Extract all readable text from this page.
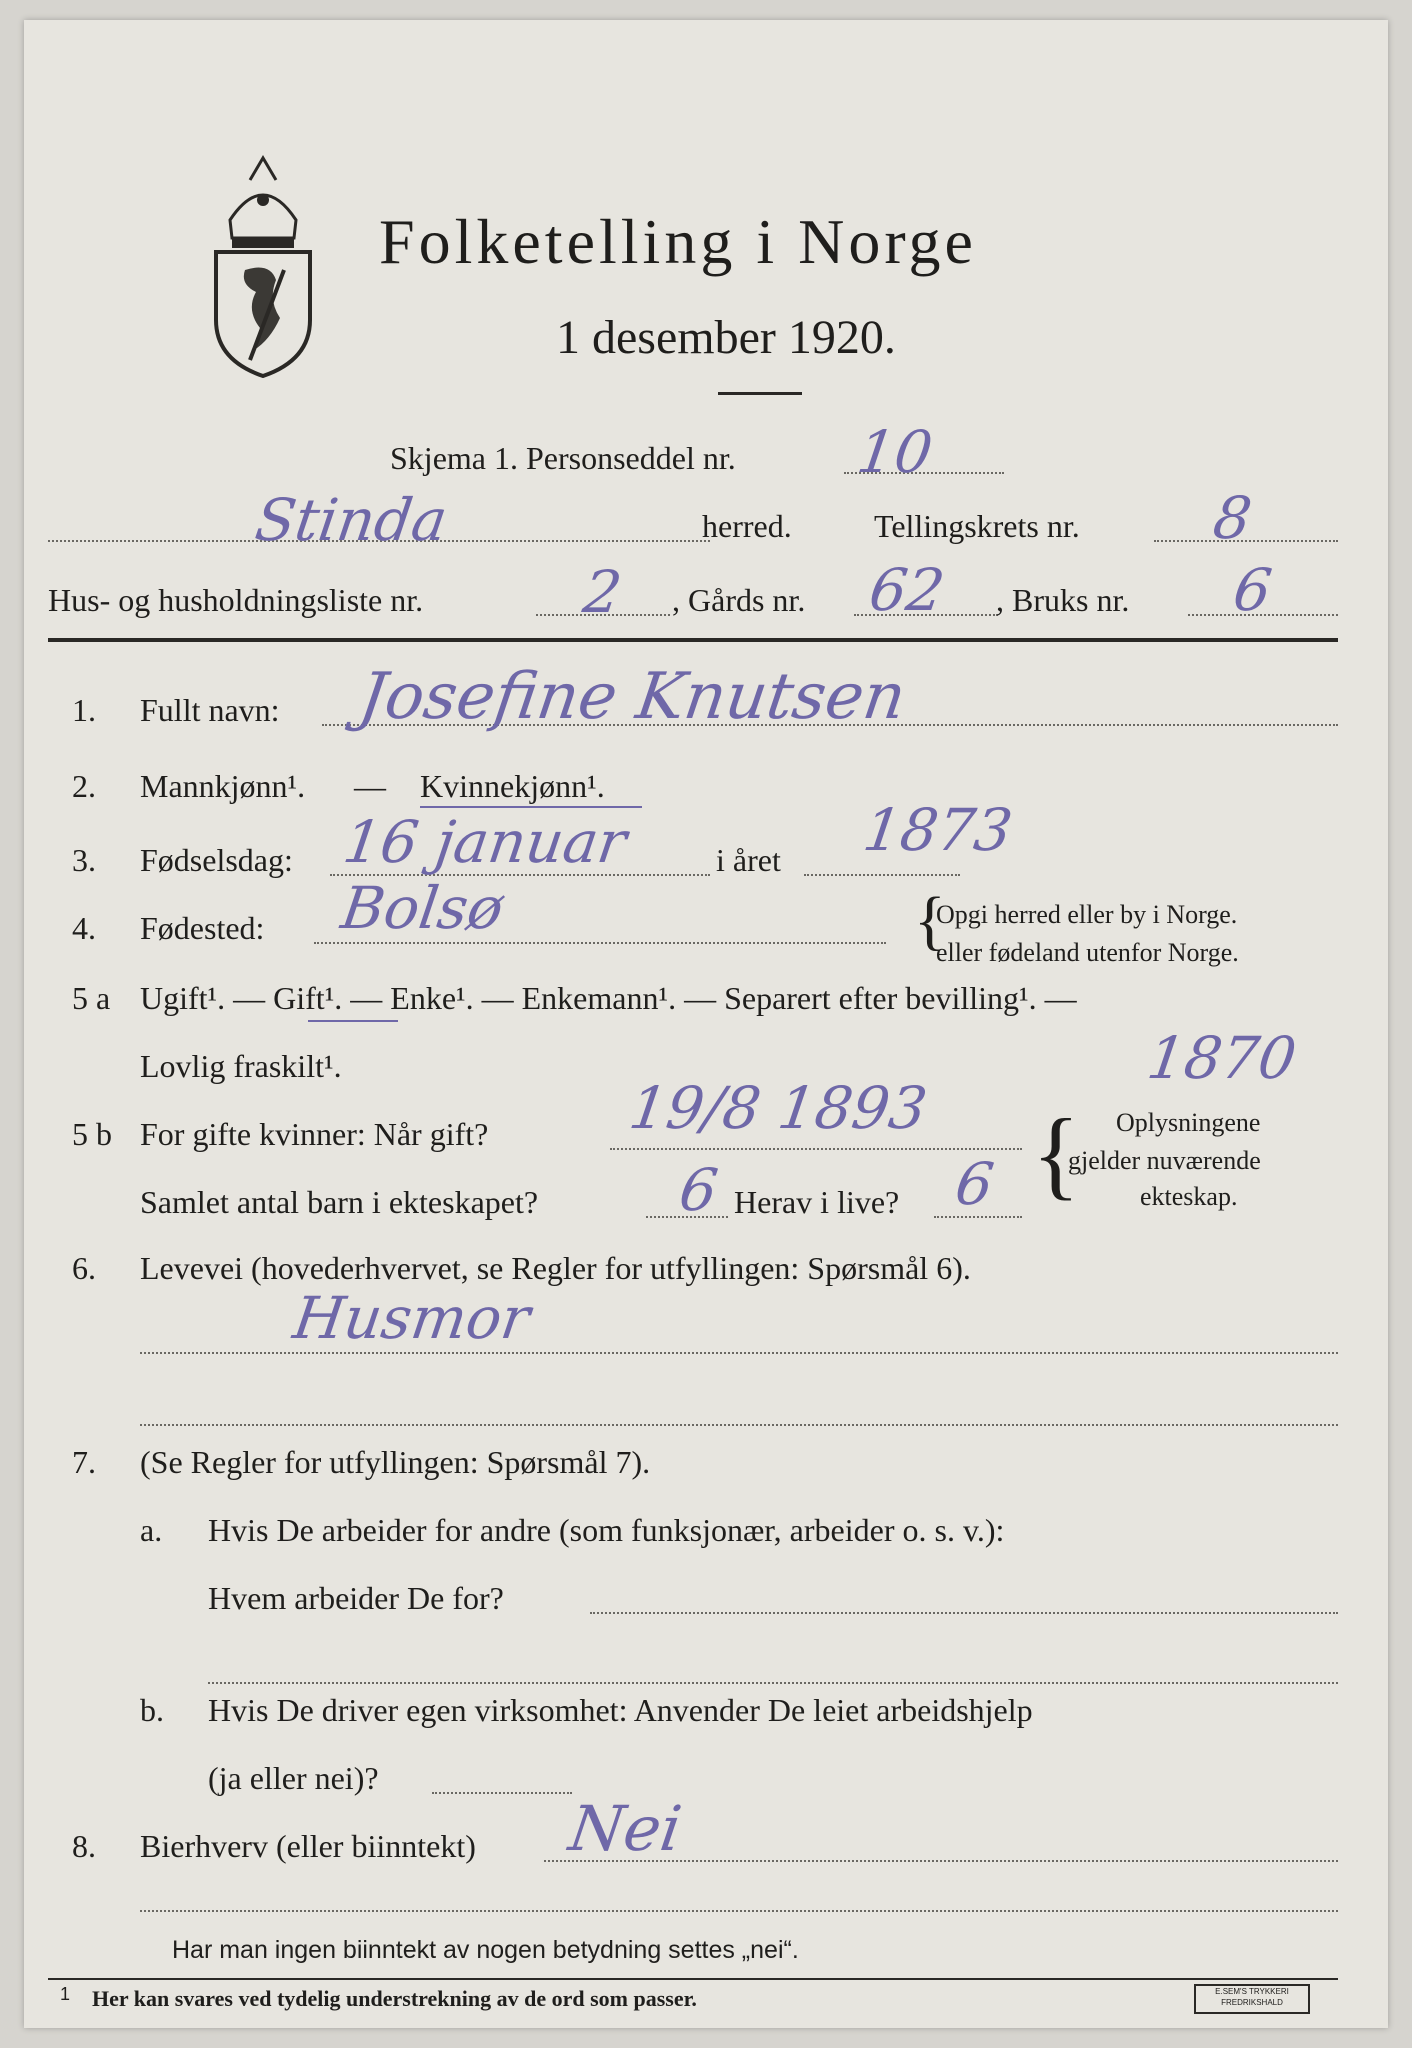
Folketelling i Norge
1 desember 1920.
Skjema 1. Personseddel nr. 10
Stinda	herred.	Tellingskrets nr. 8
Hus- og husholdningsliste nr.	2 , Gårds nr. 62 , Bruks nr. 6
1. Fullt navn: Josefine Knutsen
2. Mannkjønn¹. — Kvinnekjønn¹.
3. Fødselsdag: 16 januar	i året 1873
4. Fødested: Bolsø	{
Opgi herred eller by i Norge.
eller fødeland utenfor Norge.
5 a Ugift¹. — Gift¹. — Enke¹. — Enkemann¹. — Separert efter bevilling¹. —
Lovlig fraskilt¹.	1870
5 b For gifte kvinner: Når gift? 19/8 1893
Samlet antal barn i ekteskapet? 6 Herav i live? 6 { Oplysningene
gjelder nuværende
ekteskap.
6. Levevei (hovederhvervet, se Regler for utfyllingen: Spørsmål 6).
Husmor
7. (Se Regler for utfyllingen: Spørsmål 7).
a. Hvis De arbeider for andre (som funksjonær, arbeider o. s. v.):
Hvem arbeider De for?
b. Hvis De driver egen virksomhet: Anvender De leiet arbeidshjelp
(ja eller nei)?
8. Bierhverv (eller biinntekt) Nei
Har man ingen biinntekt av nogen betydning settes „nei“.
1 Her kan svares ved tydelig understrekning av de ord som passer.	E.SEM'S TRYKKERI
FREDRIKSHALD
